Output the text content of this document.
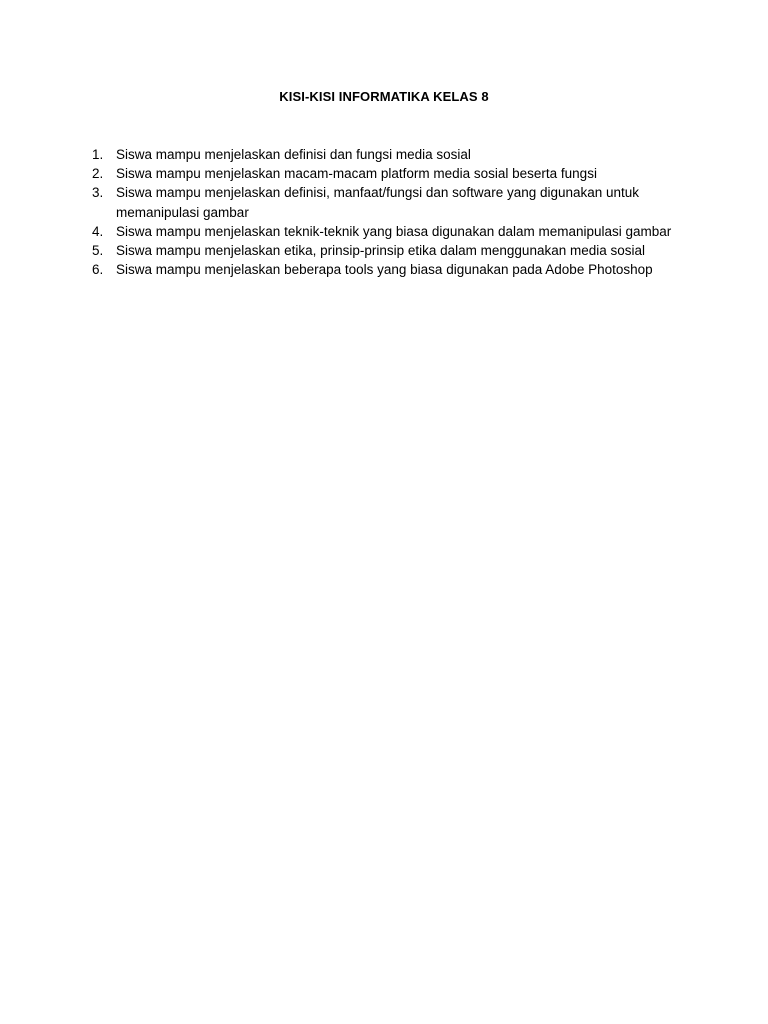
KISI-KISI INFORMATIKA KELAS 8
1. Siswa mampu menjelaskan definisi dan fungsi media sosial
2. Siswa mampu menjelaskan macam-macam platform media sosial beserta fungsi
3. Siswa mampu menjelaskan definisi, manfaat/fungsi dan software yang digunakan untuk memanipulasi gambar
4. Siswa mampu menjelaskan teknik-teknik yang biasa digunakan dalam memanipulasi gambar
5. Siswa mampu menjelaskan etika, prinsip-prinsip etika dalam menggunakan media sosial
6. Siswa mampu menjelaskan beberapa tools yang biasa digunakan pada Adobe Photoshop
